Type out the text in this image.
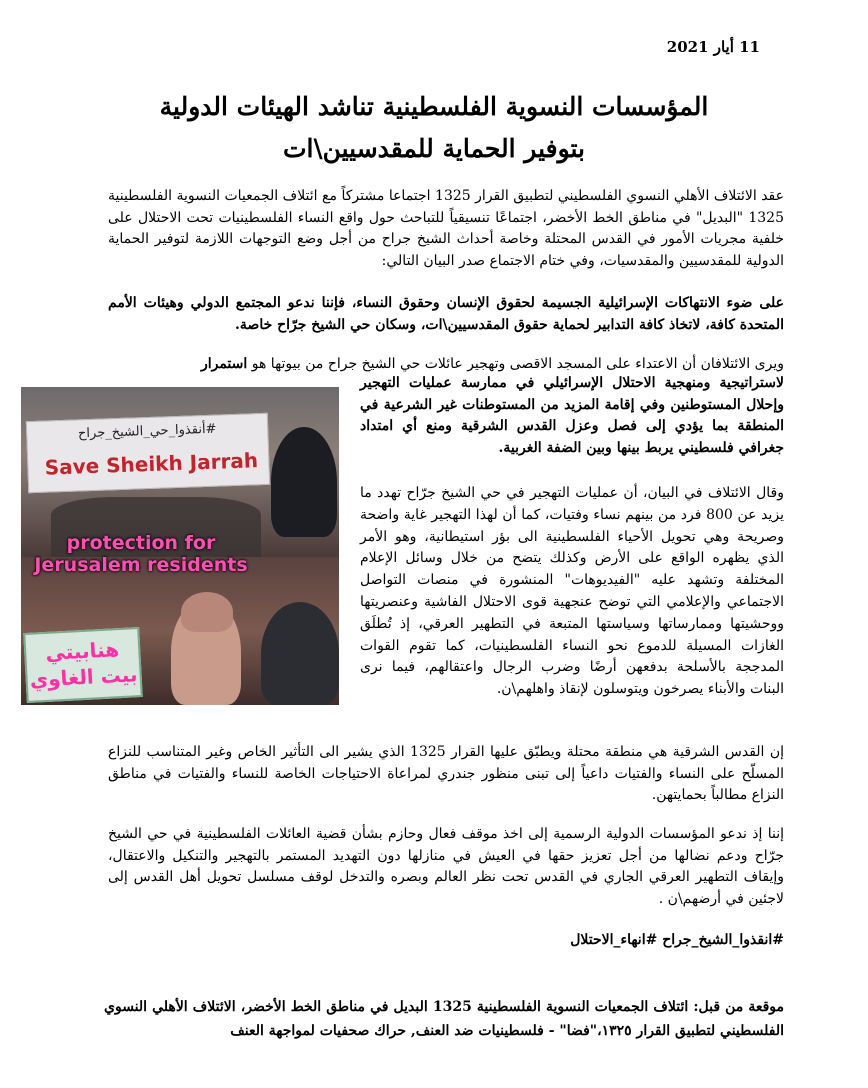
11 أيار 2021
المؤسسات النسوية الفلسطينية تناشد الهيئات الدولية
بتوفير الحماية للمقدسيين\ات
عقد الائتلاف الأهلي النسوي الفلسطيني لتطبيق القرار 1325 اجتماعا مشتركاً مع ائتلاف الجمعيات النسوية الفلسطينية 1325 "البديل" في مناطق الخط الأخضر، اجتماعًا تنسيقياً للتباحث حول واقع النساء الفلسطينيات تحت الاحتلال على خلفية مجريات الأمور في القدس المحتلة وخاصة أحداث الشيخ جراح من أجل وضع التوجهات اللازمة لتوفير الحماية الدولية للمقدسيين والمقدسيات، وفي ختام الاجتماع صدر البيان التالي:
على ضوء الانتهاكات الإسرائيلية الجسيمة لحقوق الإنسان وحقوق النساء، فإننا ندعو المجتمع الدولي وهيئات الأمم المتحدة كافة، لاتخاذ كافة التدابير لحماية حقوق المقدسيين\ات، وسكان حي الشيخ جرّاح خاصة.
ويرى الائتلافان أن الاعتداء على المسجد الاقصى وتهجير عائلات حي الشيخ جراح من بيوتها هو استمرار
لاستراتيجية ومنهجية الاحتلال الإسرائيلي في ممارسة عمليات التهجير وإحلال المستوطنين وفي إقامة المزيد من المستوطنات غير الشرعية في المنطقة بما يؤدي إلى فصل وعزل القدس الشرقية ومنع أي امتداد جغرافي فلسطيني يربط بينها وبين الضفة الغربية.
#أنقذوا_حي_الشيخ_جراح
Save Sheikh Jarrah
protection for
Jerusalem residents
هنابيتي
بيت الغاوي
وقال الائتلاف في البيان، أن عمليات التهجير في حي الشيخ جرّاح تهدد ما يزيد عن 800 فرد من بينهم نساء وفتيات، كما أن لهذا التهجير غاية واضحة وصريحة وهي تحويل الأحياء الفلسطينية الى بؤر استيطانية، وهو الأمر الذي يظهره الواقع على الأرض وكذلك يتضح من خلال وسائل الإعلام المختلفة وتشهد عليه "الفيديوهات" المنشورة في منصات التواصل الاجتماعي والإعلامي التي توضح عنجهية قوى الاحتلال الفاشية وعنصريتها ووحشيتها وممارساتها وسياستها المتبعة في التطهير العرقي، إذ تُطلَق الغازات المسيلة للدموع نحو النساء الفلسطينيات، كما تقوم القوات المدججة بالأسلحة بدفعهن أرضًا وضرب الرجال واعتقالهم، فيما نرى البنات والأبناء يصرخون ويتوسلون لإنقاذ واهلهم\ن.
إن القدس الشرقية هي منطقة محتلة ويطبّق عليها القرار 1325 الذي يشير الى التأثير الخاص وغير المتناسب للنزاع المسلّح على النساء والفتيات داعياً إلى تبنى منظور جندري لمراعاة الاحتياجات الخاصة للنساء والفتيات في مناطق النزاع مطالباً بحمايتهن.
إننا إذ ندعو المؤسسات الدولية الرسمية إلى اخذ موقف فعال وحازم بشأن قضية العائلات الفلسطينية في حي الشيخ جرّاح ودعم نضالها من أجل تعزيز حقها في العيش في منازلها دون التهديد المستمر بالتهجير والتنكيل والاعتقال، وإيقاف التطهير العرقي الجاري في القدس تحت نظر العالم وبصره والتدخل لوقف مسلسل تحويل أهل القدس إلى لاجئين في أرضهم\ن .
#انقذوا_الشيخ_جراح #انهاء_الاحتلال
موقعة من قبل: ائتلاف الجمعيات النسوية الفلسطينية 1325 البديل في مناطق الخط الأخضر، الائتلاف الأهلي النسوي الفلسطيني لتطبيق القرار ١٣٢٥،"فضا" - فلسطينيات ضد العنف, حراك صحفيات لمواجهة العنف
